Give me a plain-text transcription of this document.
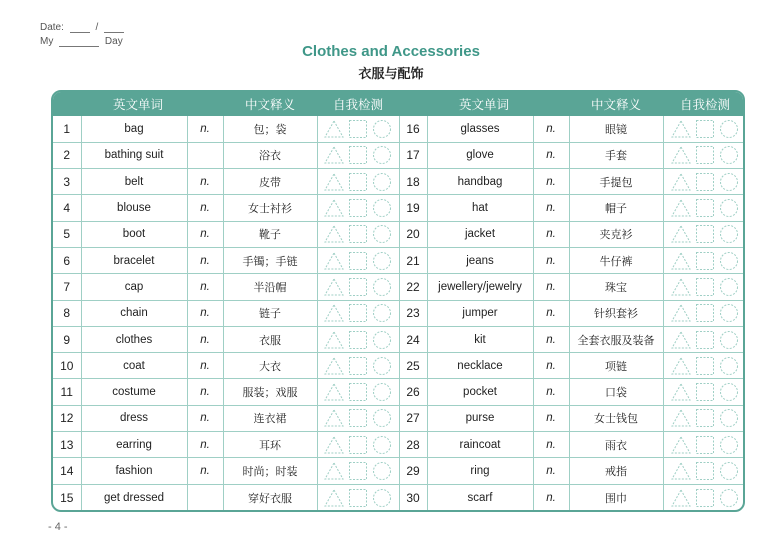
Date:	/
My	Day
Clothes and Accessories
衣服与配饰
英文单词			中文释义	自我检测	英文单词			中文释义	自我检测
1	bag	n.	包；袋		16	glasses	n.	眼镜	

2	bathing suit		浴衣		17	glove	n.	手套	

3	belt	n.	皮带		18	handbag	n.	手提包	

4	blouse	n.	女士衬衫		19	hat	n.	帽子	

5	boot	n.	靴子		20	jacket	n.	夹克衫	

6	bracelet	n.	手镯；手链		21	jeans	n.	牛仔裤	

7	cap	n.	半沿帽		22	jewellery/jewelry	n.	珠宝	

8	chain	n.	链子		23	jumper	n.	针织套衫	

9	clothes	n.	衣服		24	kit	n.	全套衣服及装备	

10	coat	n.	大衣		25	necklace	n.	项链	

11	costume	n.	服装；戏服		26	pocket	n.	口袋	

12	dress	n.	连衣裙		27	purse	n.	女士钱包	

13	earring	n.	耳环		28	raincoat	n.	雨衣	

14	fashion	n.	时尚；时装		29	ring	n.	戒指	

15	get dressed		穿好衣服		30	scarf	n.	围巾	
- 4 -
